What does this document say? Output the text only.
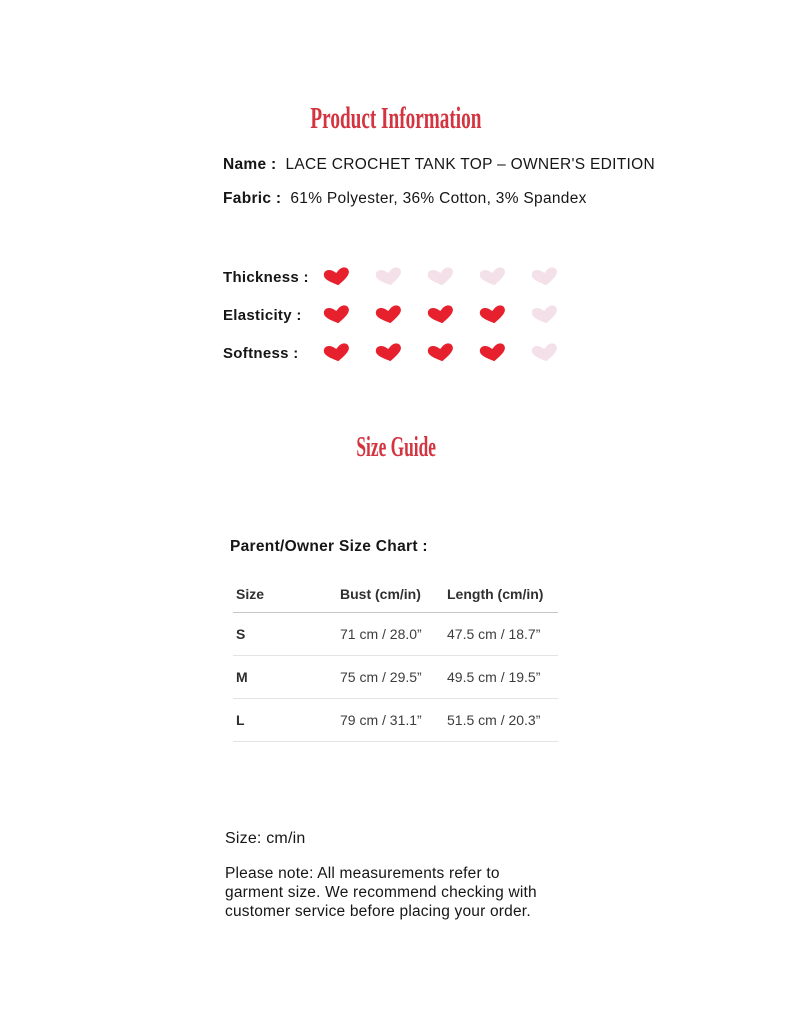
Product Information
Name : LACE CROCHET TANK TOP – OWNER'S EDITION
Fabric : 61% Polyester, 36% Cotton, 3% Spandex
Thickness :
Elasticity :
Softness :
Size Guide
Parent/Owner Size Chart :
Size	Bust (cm/in)	Length (cm/in)
S	71 cm / 28.0”	47.5 cm / 18.7”
M	75 cm / 29.5”	49.5 cm / 19.5”
L	79 cm / 31.1”	51.5 cm / 20.3”
Size: cm/in
Please note: All measurements refer to
garment size. We recommend checking with
customer service before placing your order.
